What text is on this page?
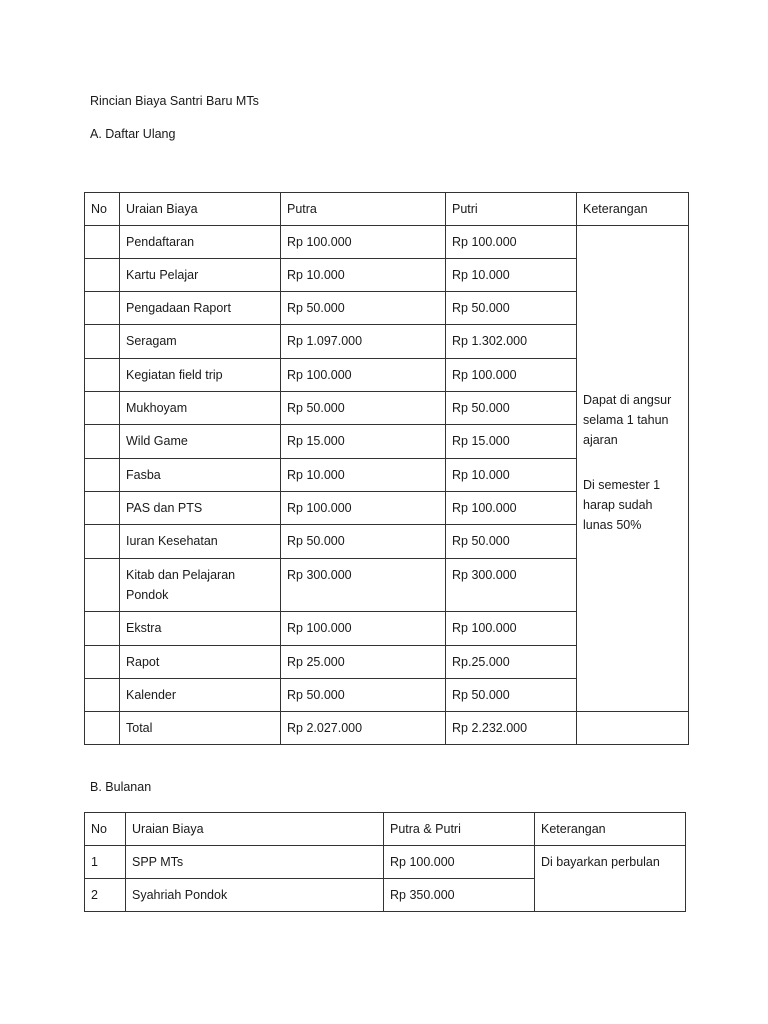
Rincian Biaya Santri Baru MTs
A. Daftar Ulang
No	Uraian Biaya	Putra	Putri	Keterangan
	Pendaftaran	Rp 100.000	Rp 100.000	Dapat di angsur selama 1 tahun ajaran
Di semester 1 harap sudah lunas 50%

	Kartu Pelajar	Rp 10.000	Rp 10.000	
	Pengadaan Raport	Rp 50.000	Rp 50.000	
	Seragam	Rp 1.097.000	Rp 1.302.000	
	Kegiatan field trip	Rp 100.000	Rp 100.000	
	Mukhoyam	Rp 50.000	Rp 50.000	
	Wild Game	Rp 15.000	Rp 15.000	
	Fasba	Rp 10.000	Rp 10.000	
	PAS dan PTS	Rp 100.000	Rp 100.000	
	Iuran Kesehatan	Rp 50.000	Rp 50.000	
	Kitab dan Pelajaran Pondok	Rp 300.000	Rp 300.000	
	Ekstra	Rp 100.000	Rp 100.000	
	Rapot	Rp 25.000	Rp.25.000	
	Kalender	Rp 50.000	Rp 50.000	
	Total	Rp 2.027.000	Rp 2.232.000	
B. Bulanan
No	Uraian Biaya	Putra & Putri	Keterangan
1	SPP MTs	Rp 100.000	Di bayarkan perbulan
2	Syahriah Pondok	Rp 350.000	
